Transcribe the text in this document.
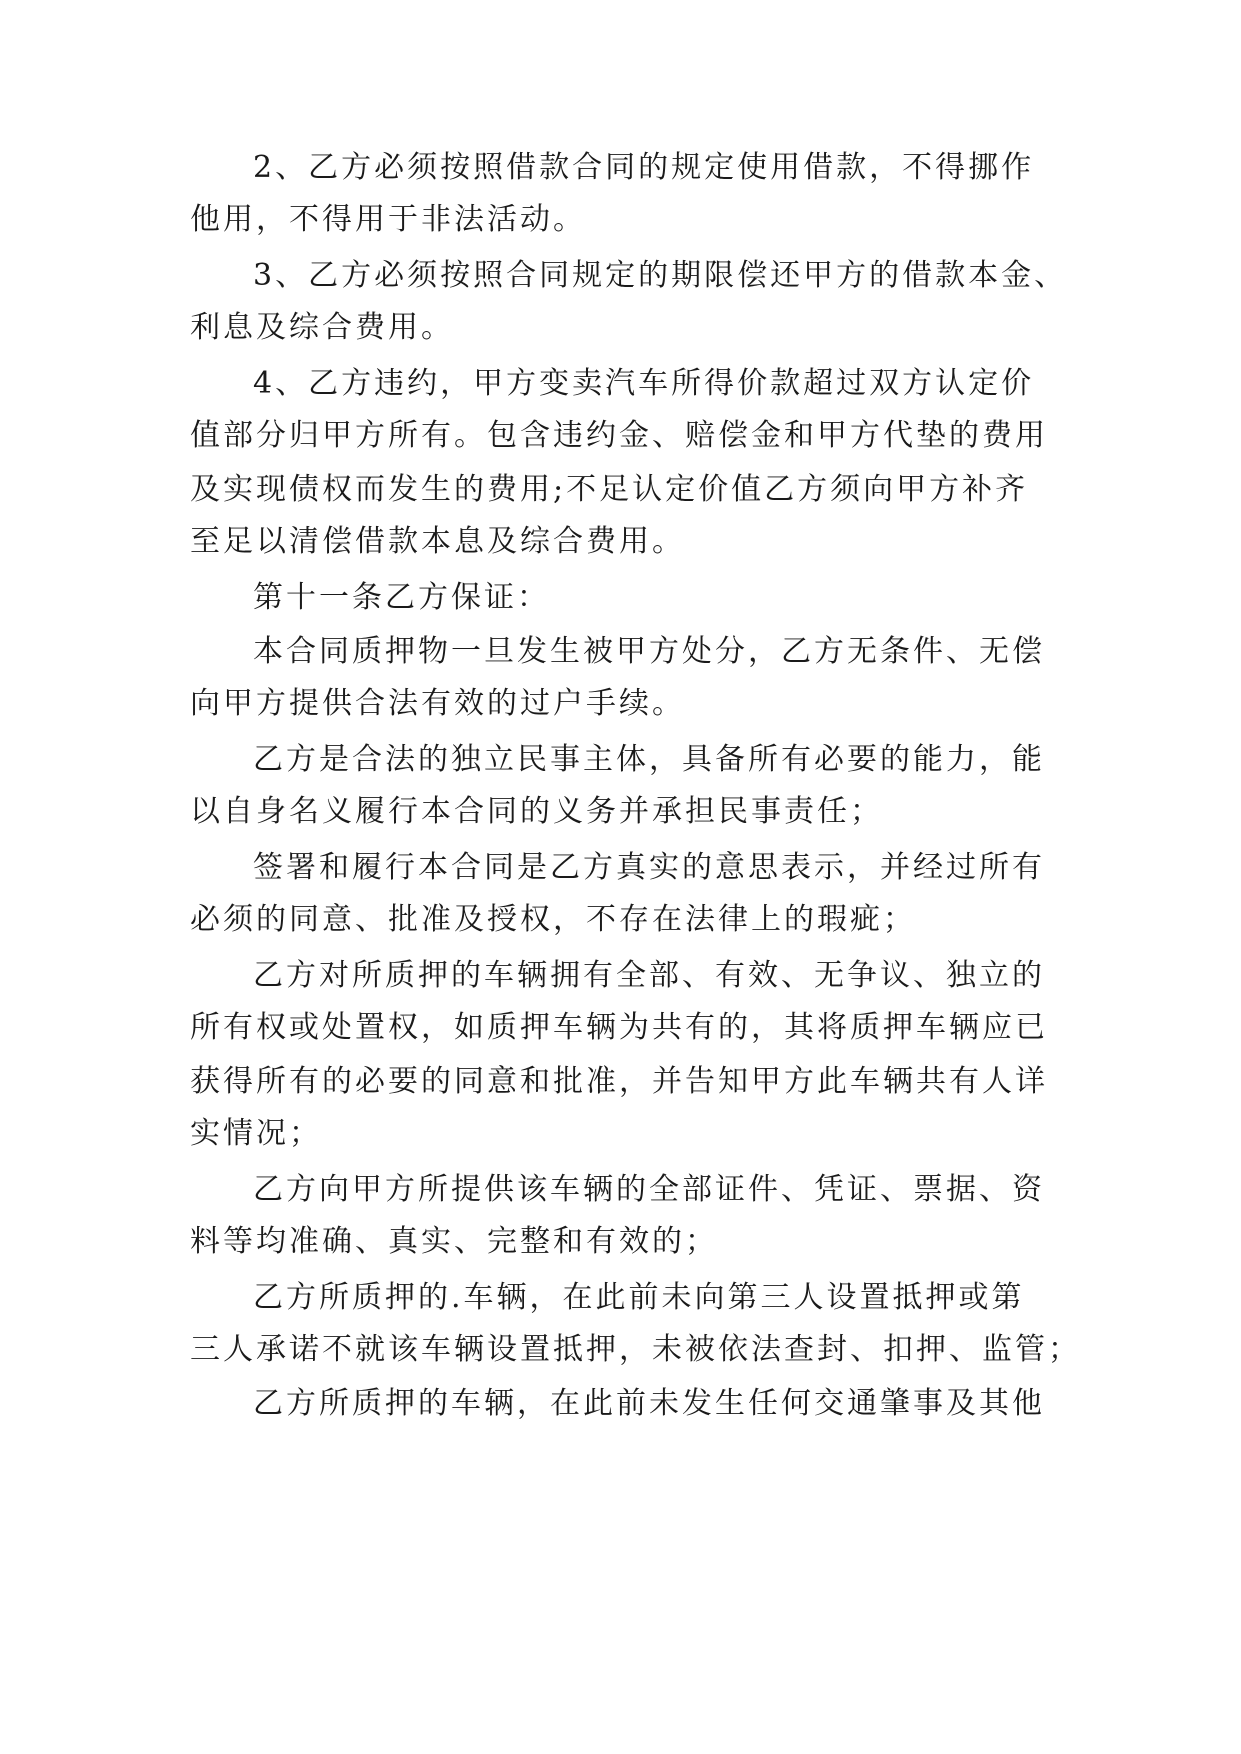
2、乙方必须按照借款合同的规定使用借款，不得挪作

他用，不得用于非法活动。

3、乙方必须按照合同规定的期限偿还甲方的借款本金、

利息及综合费用。

4、乙方违约，甲方变卖汽车所得价款超过双方认定价

值部分归甲方所有。包含违约金、赔偿金和甲方代垫的费用

及实现债权而发生的费用;不足认定价值乙方须向甲方补齐

至足以清偿借款本息及综合费用。

第十一条乙方保证：

本合同质押物一旦发生被甲方处分，乙方无条件、无偿

向甲方提供合法有效的过户手续。

乙方是合法的独立民事主体，具备所有必要的能力，能

以自身名义履行本合同的义务并承担民事责任；

签署和履行本合同是乙方真实的意思表示，并经过所有

必须的同意、批准及授权，不存在法律上的瑕疵；

乙方对所质押的车辆拥有全部、有效、无争议、独立的

所有权或处置权，如质押车辆为共有的，其将质押车辆应已

获得所有的必要的同意和批准，并告知甲方此车辆共有人详

实情况；

乙方向甲方所提供该车辆的全部证件、凭证、票据、资

料等均准确、真实、完整和有效的；

乙方所质押的.车辆，在此前未向第三人设置抵押或第

三人承诺不就该车辆设置抵押，未被依法查封、扣押、监管；

乙方所质押的车辆，在此前未发生任何交通肇事及其他
